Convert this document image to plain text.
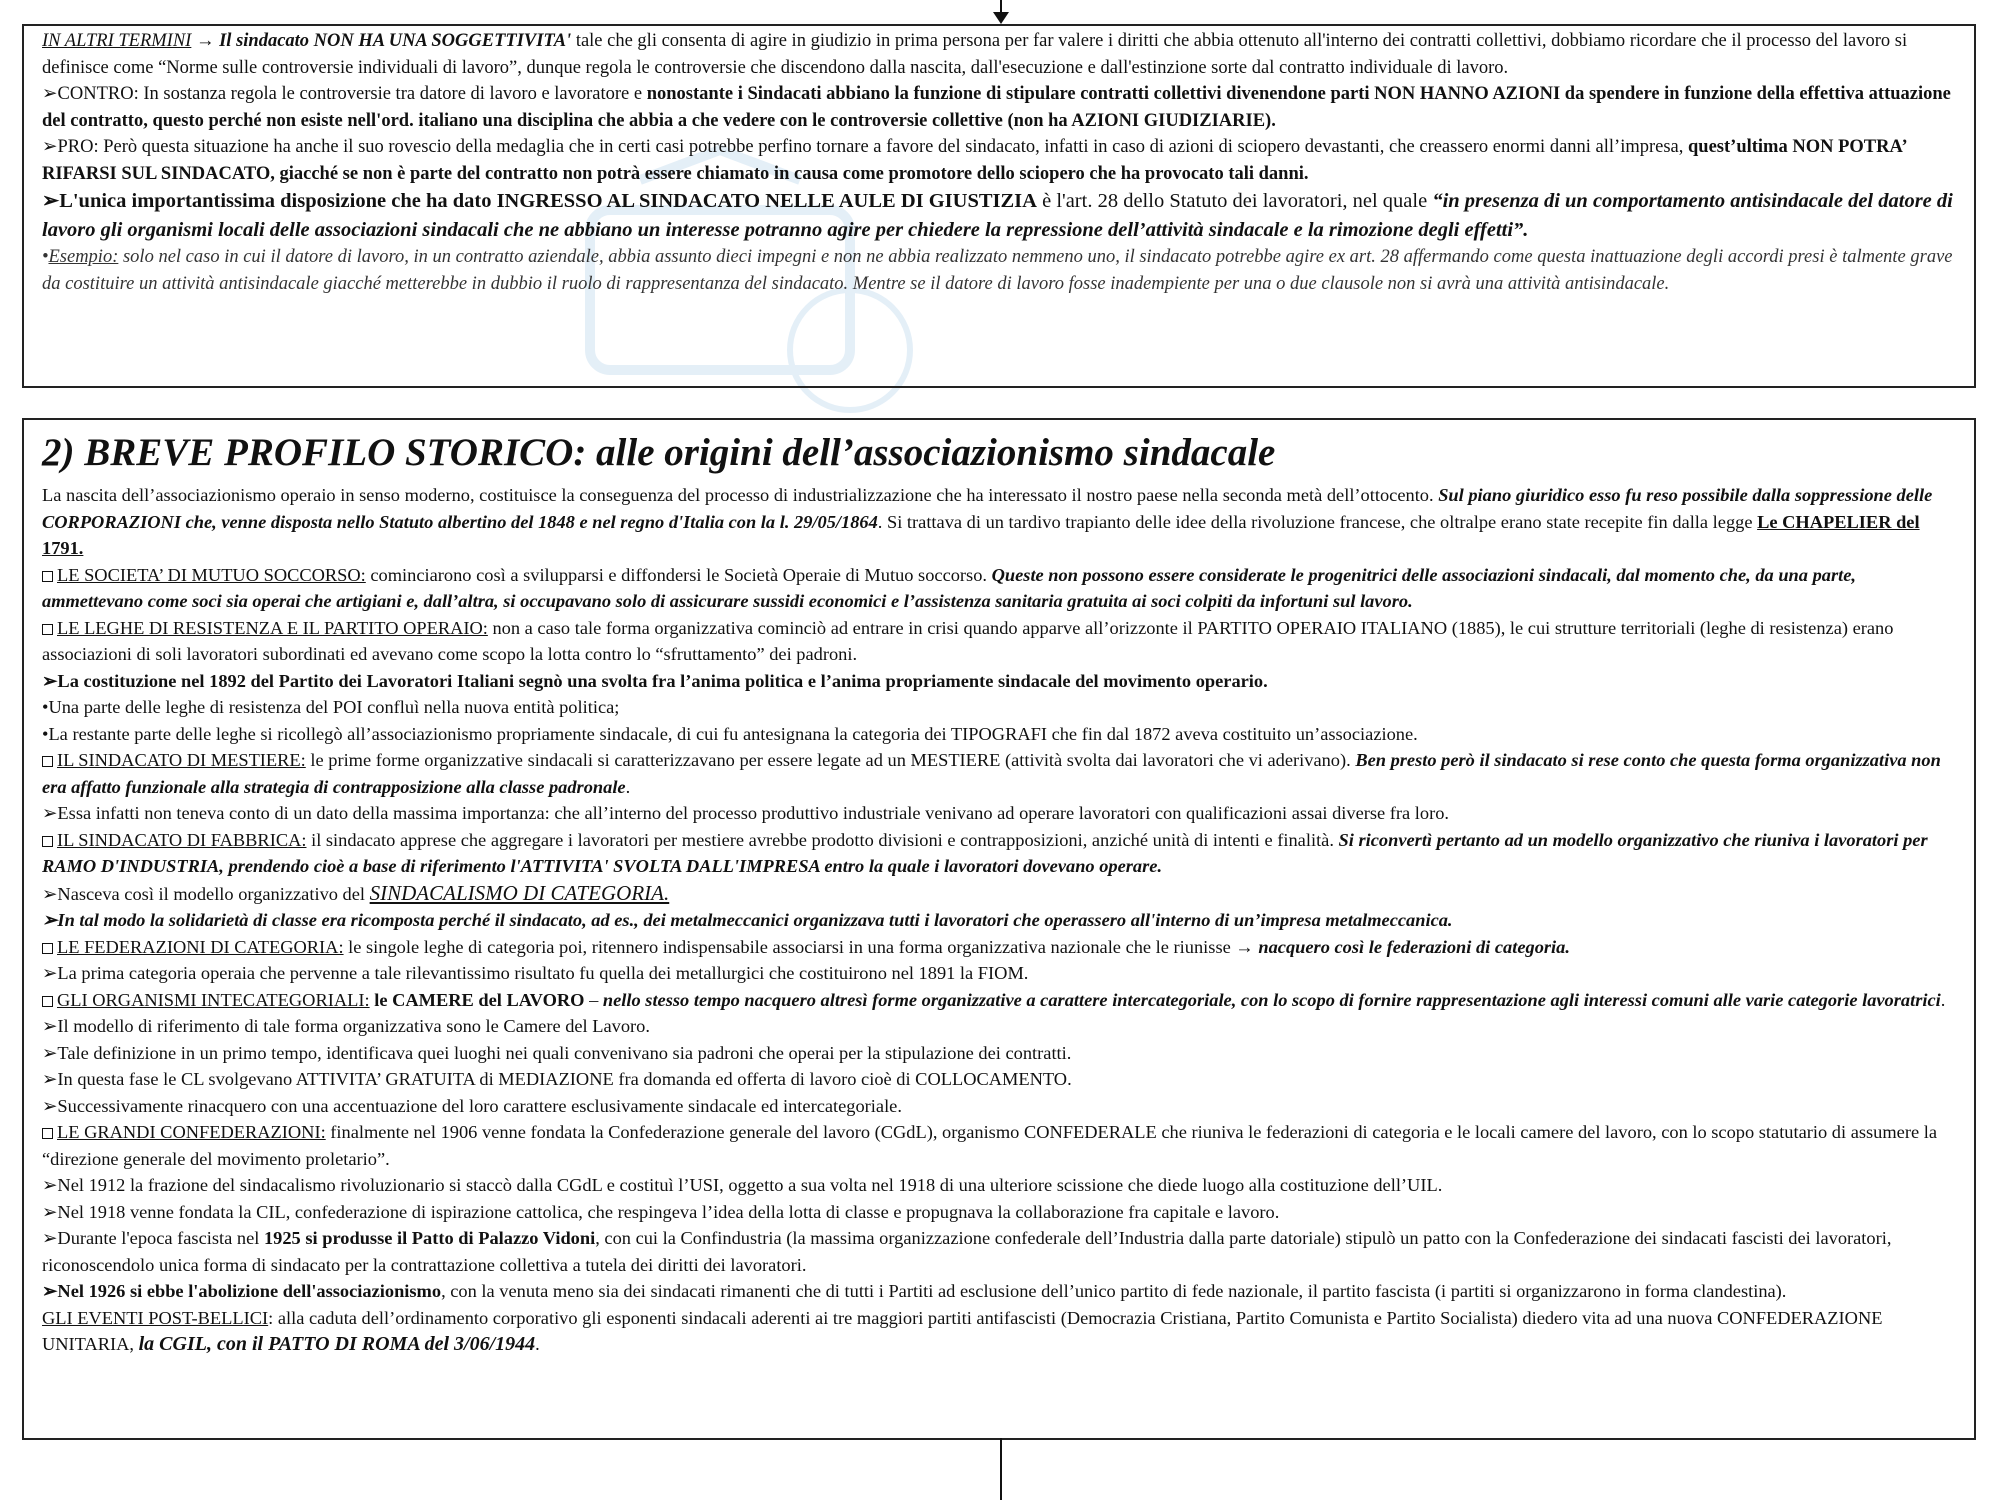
IN ALTRI TERMINI → Il sindacato NON HA UNA SOGGETTIVITA' tale che gli consenta di agire in giudizio in prima persona per far valere i diritti che abbia ottenuto all'interno dei contratti collettivi, dobbiamo ricordare che il processo del lavoro si definisce come “Norme sulle controversie individuali di lavoro”, dunque regola le controversie che discendono dalla nascita, dall'esecuzione e dall'estinzione sorte dal contratto individuale di lavoro.

➢CONTRO: In sostanza regola le controversie tra datore di lavoro e lavoratore e nonostante i Sindacati abbiano la funzione di stipulare contratti collettivi divenendone parti NON HANNO AZIONI da spendere in funzione della effettiva attuazione del contratto, questo perché non esiste nell'ord. italiano una disciplina che abbia a che vedere con le controversie collettive (non ha AZIONI GIUDIZIARIE).

➢PRO: Però questa situazione ha anche il suo rovescio della medaglia che in certi casi potrebbe perfino tornare a favore del sindacato, infatti in caso di azioni di sciopero devastanti, che creassero enormi danni all’impresa, quest’ultima NON POTRA’ RIFARSI SUL SINDACATO, giacché se non è parte del contratto non potrà essere chiamato in causa come promotore dello sciopero che ha provocato tali danni.

➢L'unica importantissima disposizione che ha dato INGRESSO AL SINDACATO NELLE AULE DI GIUSTIZIA è l'art. 28 dello Statuto dei lavoratori, nel quale “in presenza di un comportamento antisindacale del datore di lavoro gli organismi locali delle associazioni sindacali che ne abbiano un interesse potranno agire per chiedere la repressione dell’attività sindacale e la rimozione degli effetti”.

•Esempio: solo nel caso in cui il datore di lavoro, in un contratto aziendale, abbia assunto dieci impegni e non ne abbia realizzato nemmeno uno, il sindacato potrebbe agire ex art. 28 affermando come questa inattuazione degli accordi presi è talmente grave da costituire un attività antisindacale giacché metterebbe in dubbio il ruolo di rappresentanza del sindacato. Mentre se il datore di lavoro fosse inadempiente per una o due clausole non si avrà una attività antisindacale.

2) BREVE PROFILO STORICO: alle origini dell’associazionismo sindacale

La nascita dell’associazionismo operaio in senso moderno, costituisce la conseguenza del processo di industrializzazione che ha interessato il nostro paese nella seconda metà dell’ottocento. Sul piano giuridico esso fu reso possibile dalla soppressione delle CORPORAZIONI che, venne disposta nello Statuto albertino del 1848 e nel regno d'Italia con la l. 29/05/1864. Si trattava di un tardivo trapianto delle idee della rivoluzione francese, che oltralpe erano state recepite fin dalla legge Le CHAPELIER del 1791.

LE SOCIETA’ DI MUTUO SOCCORSO: cominciarono così a svilupparsi e diffondersi le Società Operaie di Mutuo soccorso. Queste non possono essere considerate le progenitrici delle associazioni sindacali, dal momento che, da una parte, ammettevano come soci sia operai che artigiani e, dall’altra, si occupavano solo di assicurare sussidi economici e l’assistenza sanitaria gratuita ai soci colpiti da infortuni sul lavoro.

LE LEGHE DI RESISTENZA E IL PARTITO OPERAIO: non a caso tale forma organizzativa cominciò ad entrare in crisi quando apparve all’orizzonte il PARTITO OPERAIO ITALIANO (1885), le cui strutture territoriali (leghe di resistenza) erano associazioni di soli lavoratori subordinati ed avevano come scopo la lotta contro lo “sfruttamento” dei padroni.

➢La costituzione nel 1892 del Partito dei Lavoratori Italiani segnò una svolta fra l’anima politica e l’anima propriamente sindacale del movimento operario.

•Una parte delle leghe di resistenza del POI confluì nella nuova entità politica;

•La restante parte delle leghe si ricollegò all’associazionismo propriamente sindacale, di cui fu antesignana la categoria dei TIPOGRAFI che fin dal 1872 aveva costituito un’associazione.

IL SINDACATO DI MESTIERE: le prime forme organizzative sindacali si caratterizzavano per essere legate ad un MESTIERE (attività svolta dai lavoratori che vi aderivano). Ben presto però il sindacato si rese conto che questa forma organizzativa non era affatto funzionale alla strategia di contrapposizione alla classe padronale.

➢Essa infatti non teneva conto di un dato della massima importanza: che all’interno del processo produttivo industriale venivano ad operare lavoratori con qualificazioni assai diverse fra loro.

IL SINDACATO DI FABBRICA: il sindacato apprese che aggregare i lavoratori per mestiere avrebbe prodotto divisioni e contrapposizioni, anziché unità di intenti e finalità. Si riconvertì pertanto ad un modello organizzativo che riuniva i lavoratori per RAMO D'INDUSTRIA, prendendo cioè a base di riferimento l'ATTIVITA' SVOLTA DALL'IMPRESA entro la quale i lavoratori dovevano operare.

➢Nasceva così il modello organizzativo del SINDACALISMO DI CATEGORIA.

➢In tal modo la solidarietà di classe era ricomposta perché il sindacato, ad es., dei metalmeccanici organizzava tutti i lavoratori che operassero all'interno di un’impresa metalmeccanica.

LE FEDERAZIONI DI CATEGORIA: le singole leghe di categoria poi, ritennero indispensabile associarsi in una forma organizzativa nazionale che le riunisse → nacquero così le federazioni di categoria.

➢La prima categoria operaia che pervenne a tale rilevantissimo risultato fu quella dei metallurgici che costituirono nel 1891 la FIOM.

GLI ORGANISMI INTECATEGORIALI: le CAMERE del LAVORO – nello stesso tempo nacquero altresì forme organizzative a carattere intercategoriale, con lo scopo di fornire rappresentazione agli interessi comuni alle varie categorie lavoratrici.

➢Il modello di riferimento di tale forma organizzativa sono le Camere del Lavoro.

➢Tale definizione in un primo tempo, identificava quei luoghi nei quali convenivano sia padroni che operai per la stipulazione dei contratti.

➢In questa fase le CL svolgevano ATTIVITA’ GRATUITA di MEDIAZIONE fra domanda ed offerta di lavoro cioè di COLLOCAMENTO.

➢Successivamente rinacquero con una accentuazione del loro carattere esclusivamente sindacale ed intercategoriale.

LE GRANDI CONFEDERAZIONI: finalmente nel 1906 venne fondata la Confederazione generale del lavoro (CGdL), organismo CONFEDERALE che riuniva le federazioni di categoria e le locali camere del lavoro, con lo scopo statutario di assumere la “direzione generale del movimento proletario”.

➢Nel 1912 la frazione del sindacalismo rivoluzionario si staccò dalla CGdL e costituì l’USI, oggetto a sua volta nel 1918 di una ulteriore scissione che diede luogo alla costituzione dell’UIL.

➢Nel 1918 venne fondata la CIL, confederazione di ispirazione cattolica, che respingeva l’idea della lotta di classe e propugnava la collaborazione fra capitale e lavoro.

➢Durante l'epoca fascista nel 1925 si produsse il Patto di Palazzo Vidoni, con cui la Confindustria (la massima organizzazione confederale dell’Industria dalla parte datoriale) stipulò un patto con la Confederazione dei sindacati fascisti dei lavoratori, riconoscendolo unica forma di sindacato per la contrattazione collettiva a tutela dei diritti dei lavoratori.

➢Nel 1926 si ebbe l'abolizione dell'associazionismo, con la venuta meno sia dei sindacati rimanenti che di tutti i Partiti ad esclusione dell’unico partito di fede nazionale, il partito fascista (i partiti si organizzarono in forma clandestina).

GLI EVENTI POST-BELLICI: alla caduta dell’ordinamento corporativo gli esponenti sindacali aderenti ai tre maggiori partiti antifascisti (Democrazia Cristiana, Partito Comunista e Partito Socialista) diedero vita ad una nuova CONFEDERAZIONE UNITARIA, la CGIL, con il PATTO DI ROMA del 3/06/1944.
